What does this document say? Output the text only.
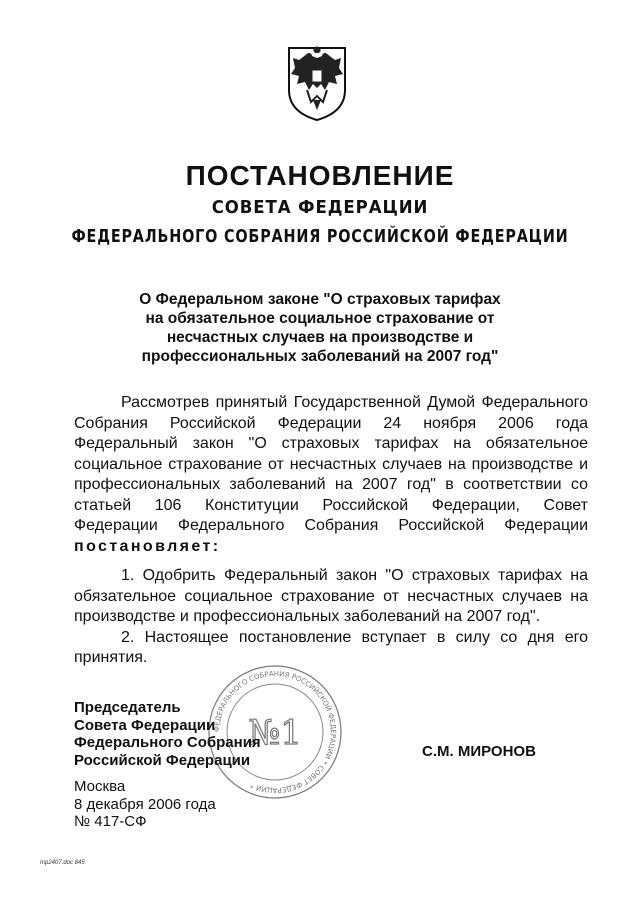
ПОСТАНОВЛЕНИЕ
СОВЕТА ФЕДЕРАЦИИ
ФЕДЕРАЛЬНОГО СОБРАНИЯ РОССИЙСКОЙ ФЕДЕРАЦИИ
О Федеральном законе "О страховых тарифах
на обязательное социальное страхование от
несчастных случаев на производстве и
профессиональных заболеваний на 2007 год"
Рассмотрев принятый Государственной Думой Федерального
Собрания Российской Федерации 24 ноября 2006 года
Федеральный закон "О страховых тарифах на обязательное
социальное страхование от несчастных случаев на производстве и
профессиональных заболеваний на 2007 год" в соответствии со
статьей 106 Конституции Российской Федерации, Совет
Федерации Федерального Собрания Российской Федерации
постановляет:
1. Одобрить Федеральный закон "О страховых тарифах на
обязательное социальное страхование от несчастных случаев на
производстве и профессиональных заболеваний на 2007 год".
2. Настоящее постановление вступает в силу со дня его
принятия.
ФЕДЕРАЛЬНОГО СОБРАНИЯ РОССИЙСКОЙ ФЕДЕРАЦИИ * СОВЕТ ФЕДЕРАЦИИ *
№1
Председатель
Совета Федерации
Федерального Собрания
Российской Федерации	С.М. МИРОНОВ
Москва
8 декабря 2006 года
№ 417-СФ
mp2407.doc 845
